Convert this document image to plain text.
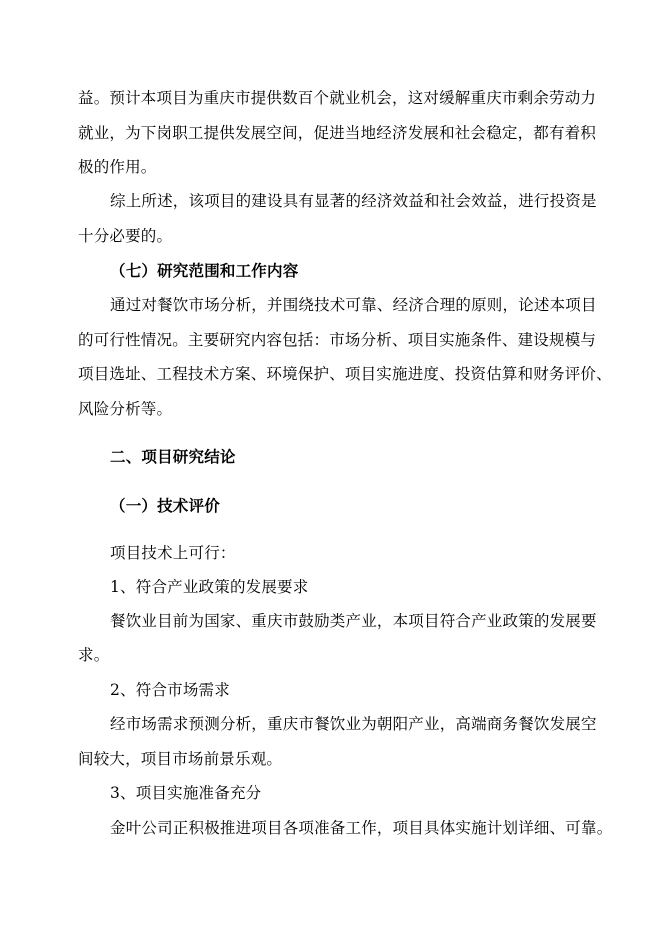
益。预计本项目为重庆市提供数百个就业机会，这对缓解重庆市剩余劳动力
就业，为下岗职工提供发展空间，促进当地经济发展和社会稳定，都有着积
极的作用。
综上所述，该项目的建设具有显著的经济效益和社会效益，进行投资是
十分必要的。
（七）研究范围和工作内容
通过对餐饮市场分析，并围绕技术可靠、经济合理的原则，论述本项目
的可行性情况。主要研究内容包括：市场分析、项目实施条件、建设规模与
项目选址、工程技术方案、环境保护、项目实施进度、投资估算和财务评价、
风险分析等。
二、项目研究结论
（一）技术评价
项目技术上可行：
1、符合产业政策的发展要求
餐饮业目前为国家、重庆市鼓励类产业，本项目符合产业政策的发展要
求。
2、符合市场需求
经市场需求预测分析，重庆市餐饮业为朝阳产业，高端商务餐饮发展空
间较大，项目市场前景乐观。
3、项目实施准备充分
金叶公司正积极推进项目各项准备工作，项目具体实施计划详细、可靠。
